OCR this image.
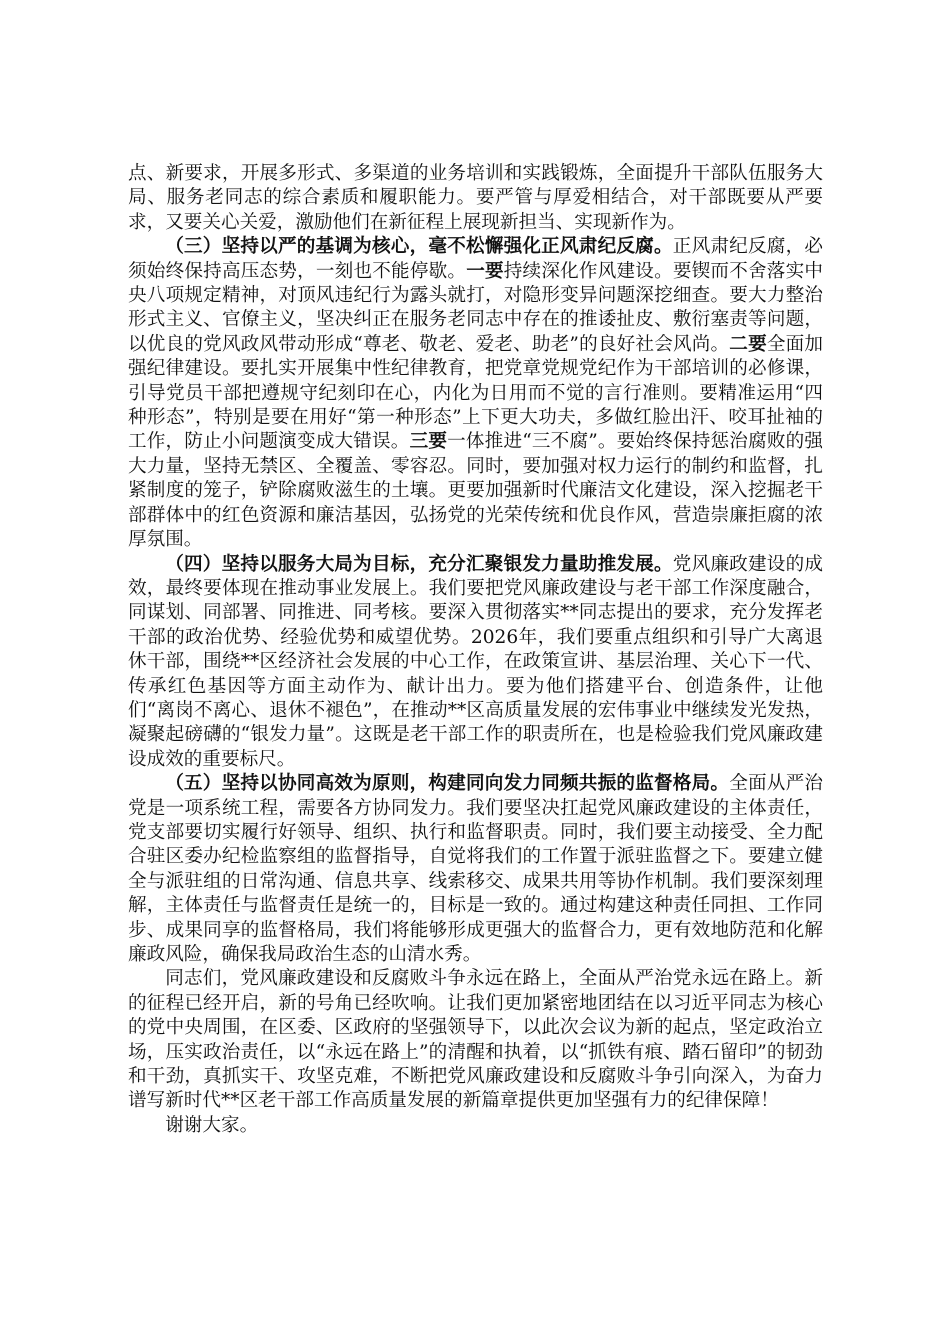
点、新要求，开展多形式、多渠道的业务培训和实践锻炼，全面提升干部队伍服务大局、服务老同志的综合素质和履职能力。要严管与厚爱相结合，对干部既要从严要求，又要关心关爱，激励他们在新征程上展现新担当、实现新作为。

（三）坚持以严的基调为核心，毫不松懈强化正风肃纪反腐。正风肃纪反腐，必须始终保持高压态势，一刻也不能停歇。一要持续深化作风建设。要锲而不舍落实中央八项规定精神，对顶风违纪行为露头就打，对隐形变异问题深挖细查。要大力整治形式主义、官僚主义，坚决纠正在服务老同志中存在的推诿扯皮、敷衍塞责等问题，以优良的党风政风带动形成“尊老、敬老、爱老、助老”的良好社会风尚。二要全面加强纪律建设。要扎实开展集中性纪律教育，把党章党规党纪作为干部培训的必修课，引导党员干部把遵规守纪刻印在心，内化为日用而不觉的言行准则。要精准运用“四种形态”，特别是要在用好“第一种形态”上下更大功夫，多做红脸出汗、咬耳扯袖的工作，防止小问题演变成大错误。三要一体推进“三不腐”。要始终保持惩治腐败的强大力量，坚持无禁区、全覆盖、零容忍。同时，要加强对权力运行的制约和监督，扎紧制度的笼子，铲除腐败滋生的土壤。更要加强新时代廉洁文化建设，深入挖掘老干部群体中的红色资源和廉洁基因，弘扬党的光荣传统和优良作风，营造崇廉拒腐的浓厚氛围。

（四）坚持以服务大局为目标，充分汇聚银发力量助推发展。党风廉政建设的成效，最终要体现在推动事业发展上。我们要把党风廉政建设与老干部工作深度融合，同谋划、同部署、同推进、同考核。要深入贯彻落实**同志提出的要求，充分发挥老干部的政治优势、经验优势和威望优势。2026年，我们要重点组织和引导广大离退休干部，围绕**区经济社会发展的中心工作，在政策宣讲、基层治理、关心下一代、传承红色基因等方面主动作为、献计出力。要为他们搭建平台、创造条件，让他们“离岗不离心、退休不褪色”，在推动**区高质量发展的宏伟事业中继续发光发热，凝聚起磅礴的“银发力量”。这既是老干部工作的职责所在，也是检验我们党风廉政建设成效的重要标尺。

（五）坚持以协同高效为原则，构建同向发力同频共振的监督格局。全面从严治党是一项系统工程，需要各方协同发力。我们要坚决扛起党风廉政建设的主体责任，党支部要切实履行好领导、组织、执行和监督职责。同时，我们要主动接受、全力配合驻区委办纪检监察组的监督指导，自觉将我们的工作置于派驻监督之下。要建立健全与派驻组的日常沟通、信息共享、线索移交、成果共用等协作机制。我们要深刻理解，主体责任与监督责任是统一的，目标是一致的。通过构建这种责任同担、工作同步、成果同享的监督格局，我们将能够形成更强大的监督合力，更有效地防范和化解廉政风险，确保我局政治生态的山清水秀。

同志们，党风廉政建设和反腐败斗争永远在路上，全面从严治党永远在路上。新的征程已经开启，新的号角已经吹响。让我们更加紧密地团结在以习近平同志为核心的党中央周围，在区委、区政府的坚强领导下，以此次会议为新的起点，坚定政治立场，压实政治责任，以“永远在路上”的清醒和执着，以“抓铁有痕、踏石留印”的韧劲和干劲，真抓实干、攻坚克难，不断把党风廉政建设和反腐败斗争引向深入，为奋力谱写新时代**区老干部工作高质量发展的新篇章提供更加坚强有力的纪律保障！

谢谢大家。
